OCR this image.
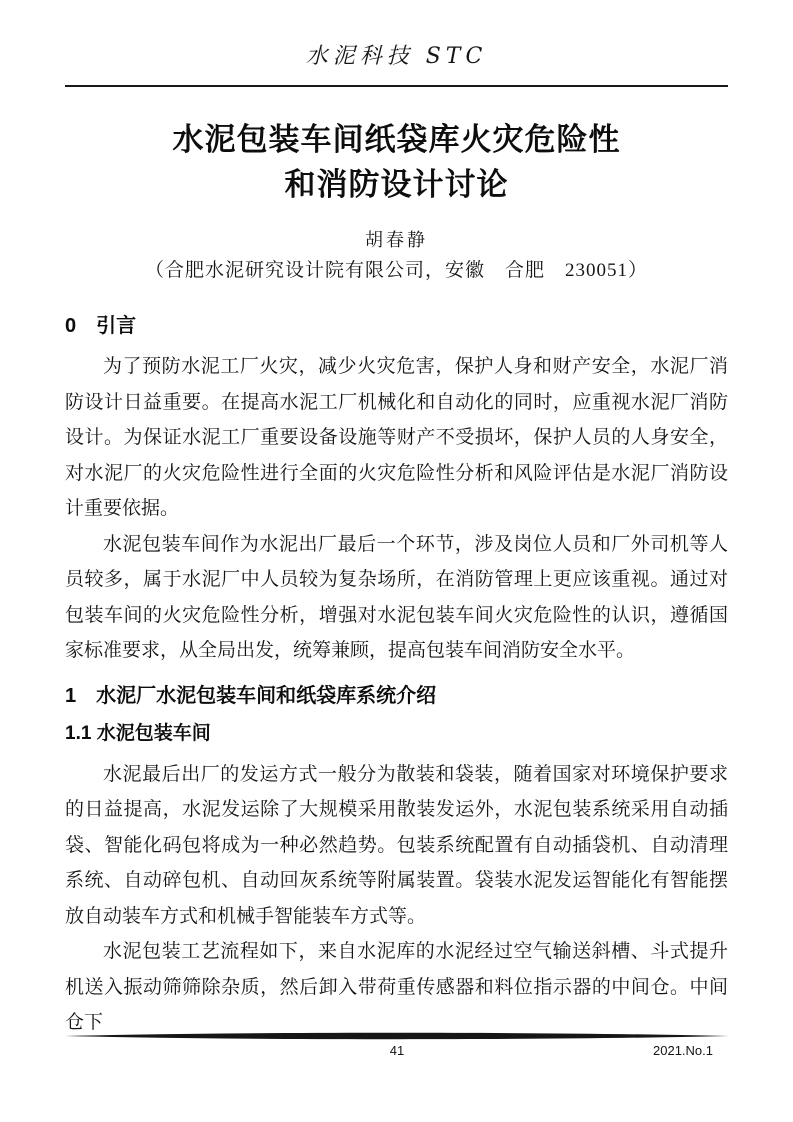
水泥科技 STC
水泥包装车间纸袋库火灾危险性
和消防设计讨论
胡春静
（合肥水泥研究设计院有限公司，安徽　合肥　230051）
0　引言

为了预防水泥工厂火灾，减少火灾危害，保护人身和财产安全，水泥厂消防设计日益重要。在提高水泥工厂机械化和自动化的同时，应重视水泥厂消防设计。为保证水泥工厂重要设备设施等财产不受损坏，保护人员的人身安全，对水泥厂的火灾危险性进行全面的火灾危险性分析和风险评估是水泥厂消防设计重要依据。

水泥包装车间作为水泥出厂最后一个环节，涉及岗位人员和厂外司机等人员较多，属于水泥厂中人员较为复杂场所，在消防管理上更应该重视。通过对包装车间的火灾危险性分析，增强对水泥包装车间火灾危险性的认识，遵循国家标准要求，从全局出发，统筹兼顾，提高包装车间消防安全水平。

1　水泥厂水泥包装车间和纸袋库系统介绍
1.1 水泥包装车间

水泥最后出厂的发运方式一般分为散装和袋装，随着国家对环境保护要求的日益提高，水泥发运除了大规模采用散装发运外，水泥包装系统采用自动插袋、智能化码包将成为一种必然趋势。包装系统配置有自动插袋机、自动清理系统、自动碎包机、自动回灰系统等附属装置。袋装水泥发运智能化有智能摆放自动装车方式和机械手智能装车方式等。

水泥包装工艺流程如下，来自水泥库的水泥经过空气输送斜槽、斗式提升机送入振动筛筛除杂质，然后卸入带荷重传感器和料位指示器的中间仓。中间仓下

41	2021.No.1
